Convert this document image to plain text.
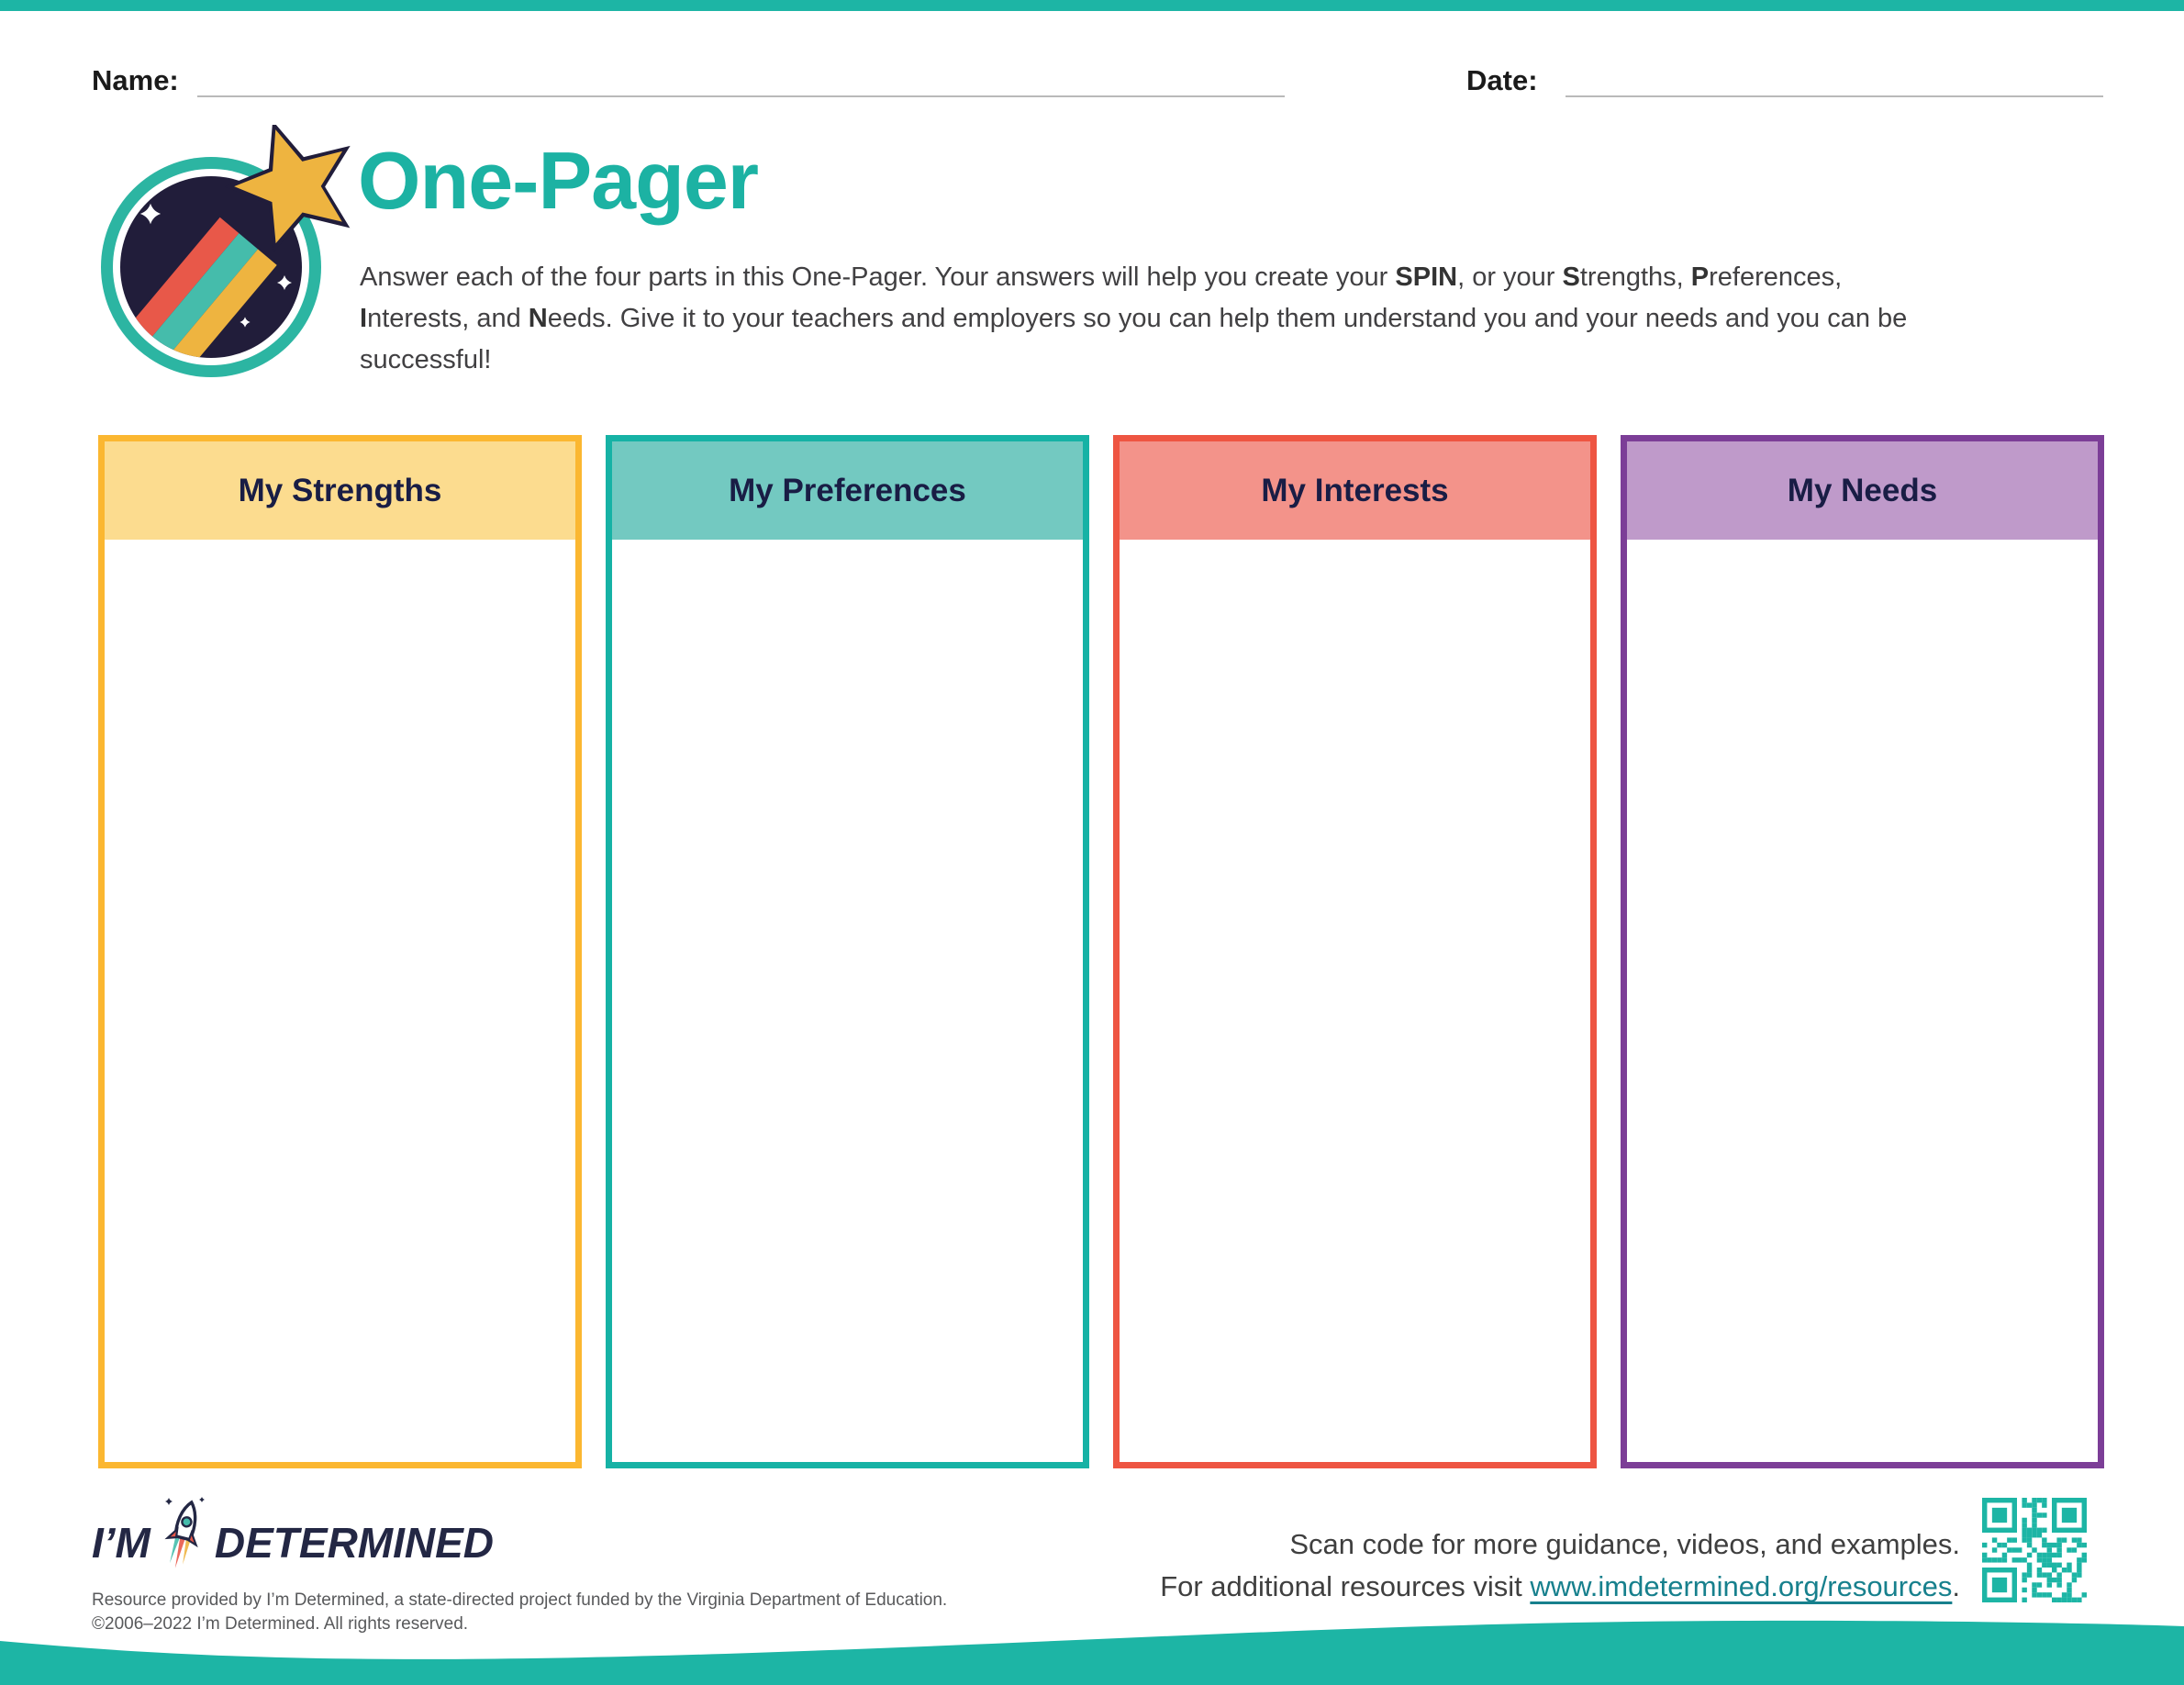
Name:	Date:
One-Pager

Answer each of the four parts in this One-Pager. Your answers will help you create your SPIN, or your Strengths, Preferences, Interests, and Needs. Give it to your teachers and employers so you can help them understand you and your needs and you can be successful!

My Strengths	My Preferences	My Interests	My Needs
I’M DETERMINED
Resource provided by I’m Determined, a state-directed project funded by the Virginia Department of Education.
©2006–2022 I’m Determined. All rights reserved.
Scan code for more guidance, videos, and examples.
For additional resources visit www.imdetermined.org/resources.
